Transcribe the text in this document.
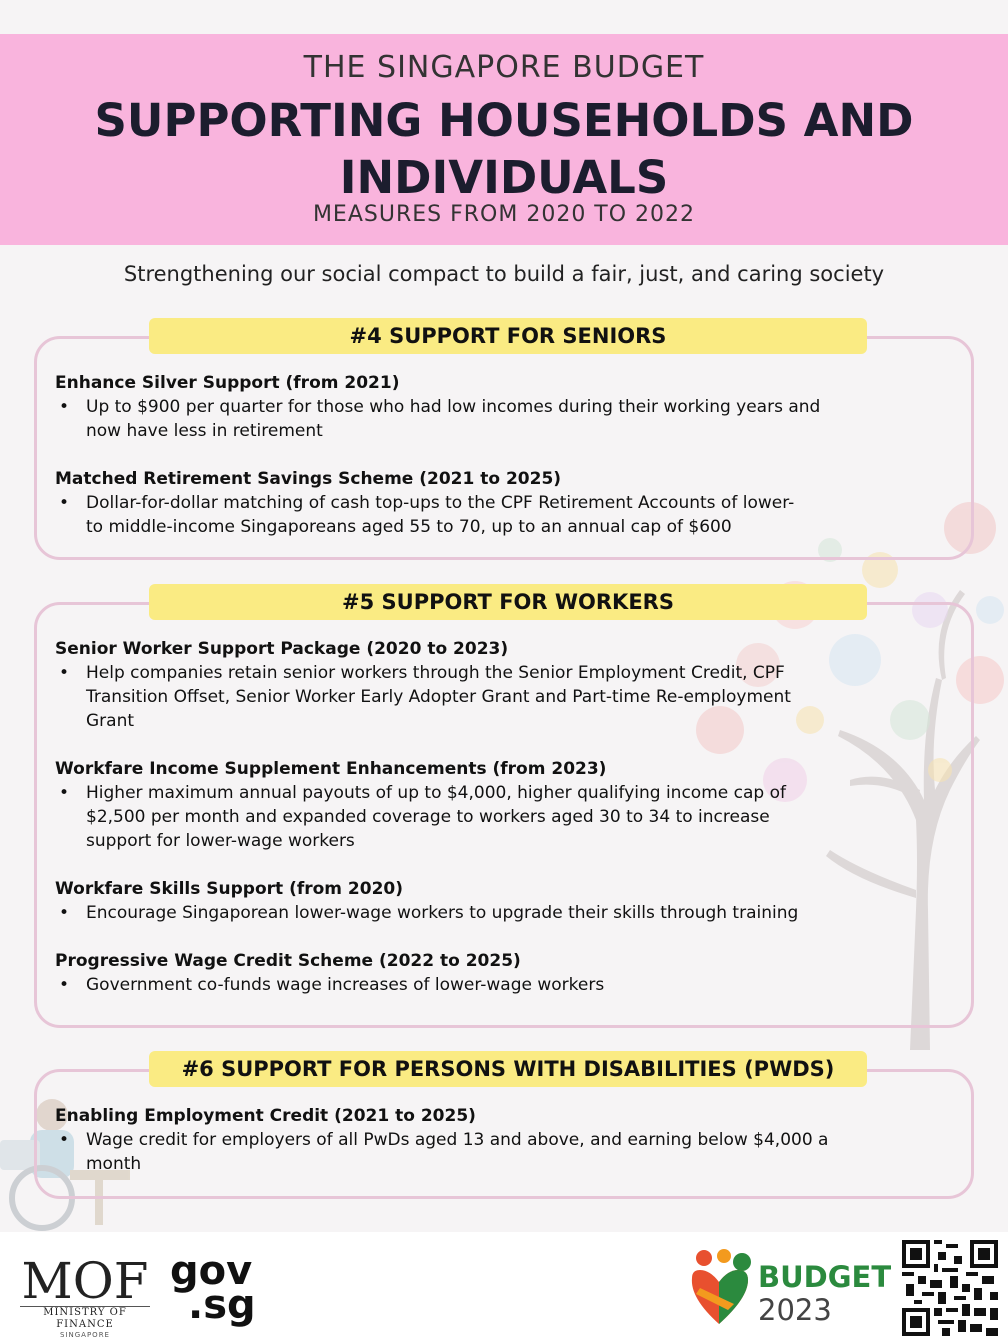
THE SINGAPORE BUDGET
SUPPORTING HOUSEHOLDS AND
INDIVIDUALS
MEASURES FROM 2020 TO 2022
Strengthening our social compact to build a fair, just, and caring society
#4 SUPPORT FOR SENIORS
Enhance Silver Support (from 2021)
• Up to $900 per quarter for those who had low incomes during their working years and
now have less in retirement
Matched Retirement Savings Scheme (2021 to 2025)
• Dollar-for-dollar matching of cash top-ups to the CPF Retirement Accounts of lower-
to middle-income Singaporeans aged 55 to 70, up to an annual cap of $600
#5 SUPPORT FOR WORKERS
Senior Worker Support Package (2020 to 2023)
• Help companies retain senior workers through the Senior Employment Credit, CPF
Transition Offset, Senior Worker Early Adopter Grant and Part-time Re-employment
Grant
Workfare Income Supplement Enhancements (from 2023)
• Higher maximum annual payouts of up to $4,000, higher qualifying income cap of
$2,500 per month and expanded coverage to workers aged 30 to 34 to increase
support for lower-wage workers
Workfare Skills Support (from 2020)
• Encourage Singaporean lower-wage workers to upgrade their skills through training
Progressive Wage Credit Scheme (2022 to 2025)
• Government co-funds wage increases of lower-wage workers
#6 SUPPORT FOR PERSONS WITH DISABILITIES (PWDS)
Enabling Employment Credit (2021 to 2025)
• Wage credit for employers of all PwDs aged 13 and above, and earning below $4,000 a
month
MOF
MINISTRY OF FINANCE
SINGAPORE
gov
.sg
BUDGET
2023
